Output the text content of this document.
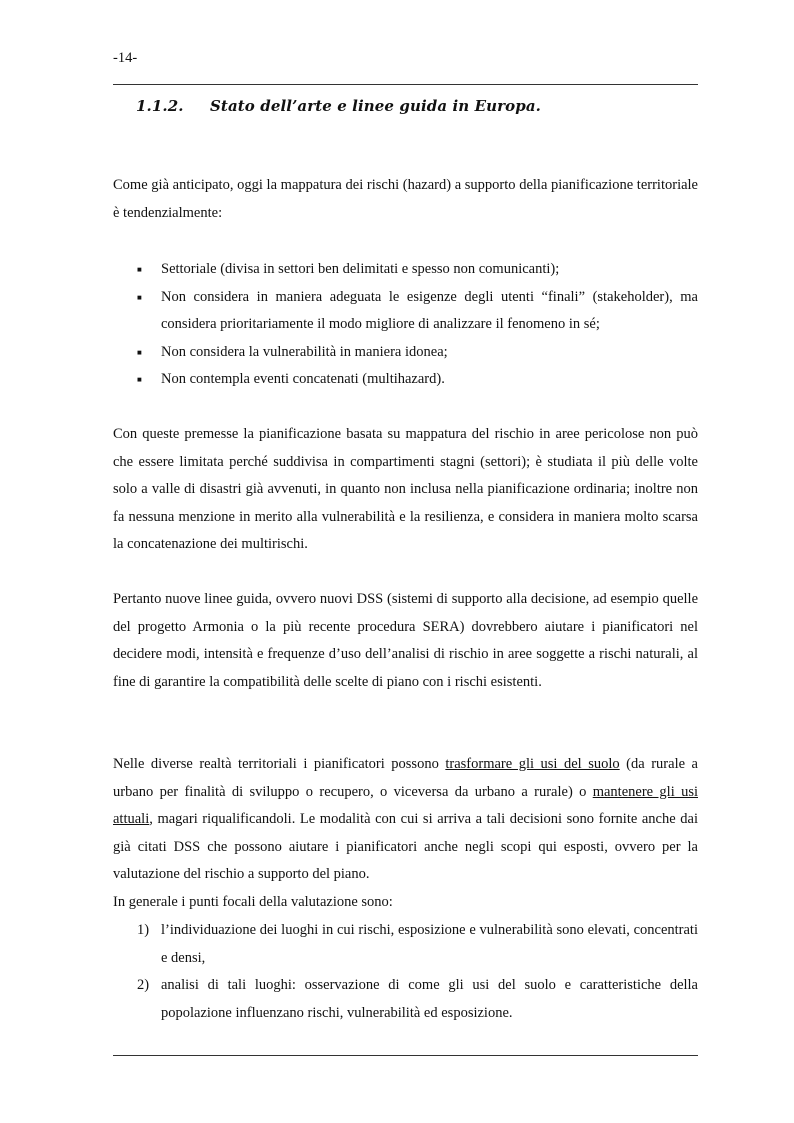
-14-
1.1.2. Stato dell’arte e linee guida in Europa.

Come già anticipato, oggi la mappatura dei rischi (hazard) a supporto della pianificazione territoriale è tendenzialmente:

■ Settoriale (divisa in settori ben delimitati e spesso non comunicanti);
■ Non considera in maniera adeguata le esigenze degli utenti “finali” (stakeholder), ma considera prioritariamente il modo migliore di analizzare il fenomeno in sé;
■ Non considera la vulnerabilità in maniera idonea;
■ Non contempla eventi concatenati (multihazard).

Con queste premesse la pianificazione basata su mappatura del rischio in aree pericolose non può che essere limitata perché suddivisa in compartimenti stagni (settori); è studiata il più delle volte solo a valle di disastri già avvenuti, in quanto non inclusa nella pianificazione ordinaria; inoltre non fa nessuna menzione in merito alla vulnerabilità e la resilienza, e considera in maniera molto scarsa la concatenazione dei multirischi.

Pertanto nuove linee guida, ovvero nuovi DSS (sistemi di supporto alla decisione, ad esempio quelle del progetto Armonia o la più recente procedura SERA) dovrebbero aiutare i pianificatori nel decidere modi, intensità e frequenze d’uso dell’analisi di rischio in aree soggette a rischi naturali, al fine di garantire la compatibilità delle scelte di piano con i rischi esistenti.

Nelle diverse realtà territoriali i pianificatori possono trasformare gli usi del suolo (da rurale a urbano per finalità di sviluppo o recupero, o viceversa da urbano a rurale) o mantenere gli usi attuali, magari riqualificandoli. Le modalità con cui si arriva a tali decisioni sono fornite anche dai già citati DSS che possono aiutare i pianificatori anche negli scopi qui esposti, ovvero per la valutazione del rischio a supporto del piano.

In generale i punti focali della valutazione sono:

1) l’individuazione dei luoghi in cui rischi, esposizione e vulnerabilità sono elevati, concentrati e densi,
2) analisi di tali luoghi: osservazione di come gli usi del suolo e caratteristiche della popolazione influenzano rischi, vulnerabilità ed esposizione.
